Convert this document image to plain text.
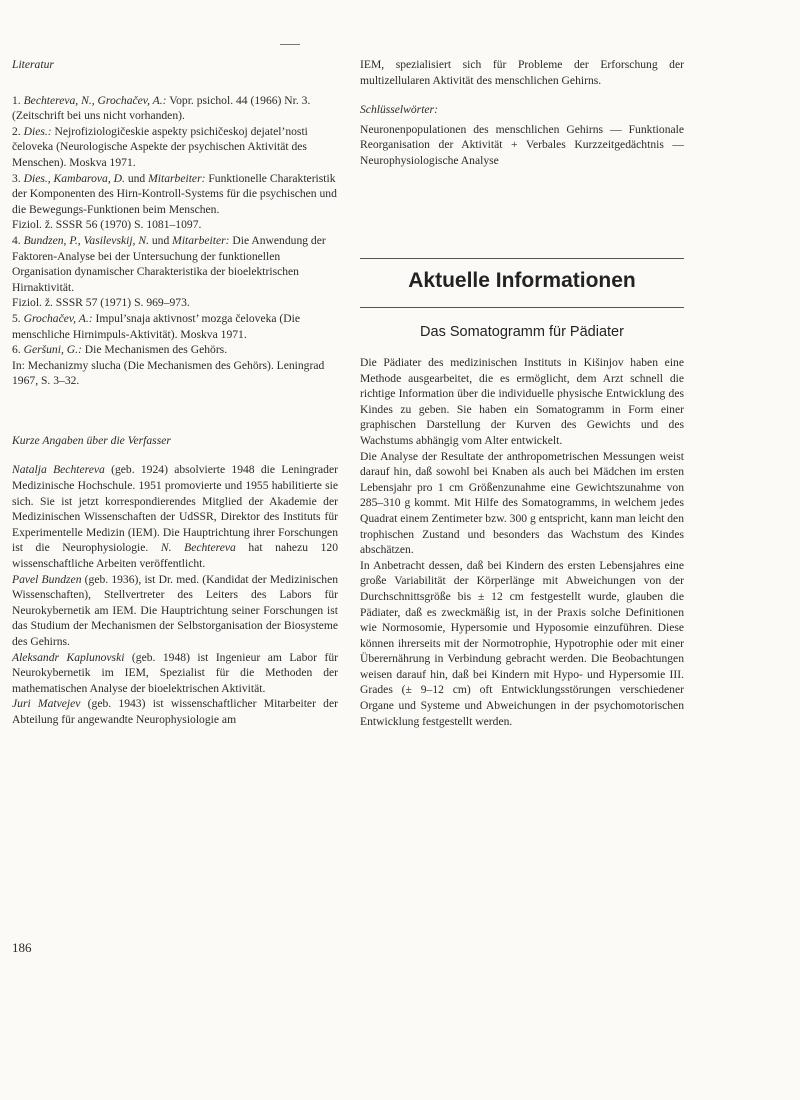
Literatur

1. Bechtereva, N., Grochačev, A.: Vopr. psichol. 44 (1966) Nr. 3.

(Zeitschrift bei uns nicht vorhanden).

2. Dies.: Nejrofiziologičeskie aspekty psichičeskoj dejatel’nosti čeloveka (Neurologische Aspekte der psychischen Aktivität des Menschen). Moskva 1971.

3. Dies., Kambarova, D. und Mitarbeiter: Funktionelle Charakteristik der Komponenten des Hirn-Kontroll-Systems für die psychischen und die Bewegungs-Funktionen beim Menschen.

Fiziol. ž. SSSR 56 (1970) S. 1081–1097.

4. Bundzen, P., Vasilevskij, N. und Mitarbeiter: Die Anwendung der Faktoren-Analyse bei der Untersuchung der funktionellen Organisation dynamischer Charakteristika der bioelektrischen Hirnaktivität.

Fiziol. ž. SSSR 57 (1971) S. 969–973.

5. Grochačev, A.: Impul’snaja aktivnost’ mozga čeloveka (Die menschliche Hirnimpuls-Aktivität). Moskva 1971.

6. Geršuni, G.: Die Mechanismen des Gehörs.

In: Mechanizmy slucha (Die Mechanismen des Gehörs). Leningrad 1967, S. 3–32.

Kurze Angaben über die Verfasser

Natalja Bechtereva (geb. 1924) absolvierte 1948 die Leningrader Medizinische Hochschule. 1951 promovierte und 1955 habilitierte sie sich. Sie ist jetzt korrespondierendes Mitglied der Akademie der Medizinischen Wissenschaften der UdSSR, Direktor des Instituts für Experimentelle Medizin (IEM). Die Hauptrichtung ihrer Forschungen ist die Neurophysiologie. N. Bechtereva hat nahezu 120 wissenschaftliche Arbeiten veröffentlicht.

Pavel Bundzen (geb. 1936), ist Dr. med. (Kandidat der Medizinischen Wissenschaften), Stellvertreter des Leiters des Labors für Neurokybernetik am IEM. Die Hauptrichtung seiner Forschungen ist das Studium der Mechanismen der Selbstorganisation der Biosysteme des Gehirns.

Aleksandr Kaplunovski (geb. 1948) ist Ingenieur am Labor für Neurokybernetik im IEM, Spezialist für die Methoden der mathematischen Analyse der bioelektrischen Aktivität.

Juri Matvejev (geb. 1943) ist wissenschaftlicher Mitarbeiter der Abteilung für angewandte Neurophysiologie am

IEM, spezialisiert sich für Probleme der Erforschung der multizellularen Aktivität des menschlichen Gehirns.

Schlüsselwörter:

Neuronenpopulationen des menschlichen Gehirns — Funktionale Reorganisation der Aktivität + Verbales Kurzzeitgedächtnis — Neurophysiologische Analyse

Aktuelle Informationen
Das Somatogramm für Pädiater

Die Pädiater des medizinischen Instituts in Kišinjov haben eine Methode ausgearbeitet, die es ermöglicht, dem Arzt schnell die richtige Information über die individuelle physische Entwicklung des Kindes zu geben. Sie haben ein Somatogramm in Form einer graphischen Darstellung der Kurven des Gewichts und des Wachstums abhängig vom Alter entwickelt.

Die Analyse der Resultate der anthropometrischen Messungen weist darauf hin, daß sowohl bei Knaben als auch bei Mädchen im ersten Lebensjahr pro 1 cm Größenzunahme eine Gewichtszunahme von 285–310 g kommt. Mit Hilfe des Somatogramms, in welchem jedes Quadrat einem Zentimeter bzw. 300 g entspricht, kann man leicht den trophischen Zustand und besonders das Wachstum des Kindes abschätzen.

In Anbetracht dessen, daß bei Kindern des ersten Lebensjahres eine große Variabilität der Körperlänge mit Abweichungen von der Durchschnittsgröße bis ± 12 cm festgestellt wurde, glauben die Pädiater, daß es zweckmäßig ist, in der Praxis solche Definitionen wie Normosomie, Hypersomie und Hyposomie einzuführen. Diese können ihrerseits mit der Normotrophie, Hypotrophie oder mit einer Überernährung in Verbindung gebracht werden. Die Beobachtungen weisen darauf hin, daß bei Kindern mit Hypo- und Hypersomie III. Grades (± 9–12 cm) oft Entwicklungsstörungen verschiedener Organe und Systeme und Abweichungen in der psychomotorischen Entwicklung festgestellt werden.

186
